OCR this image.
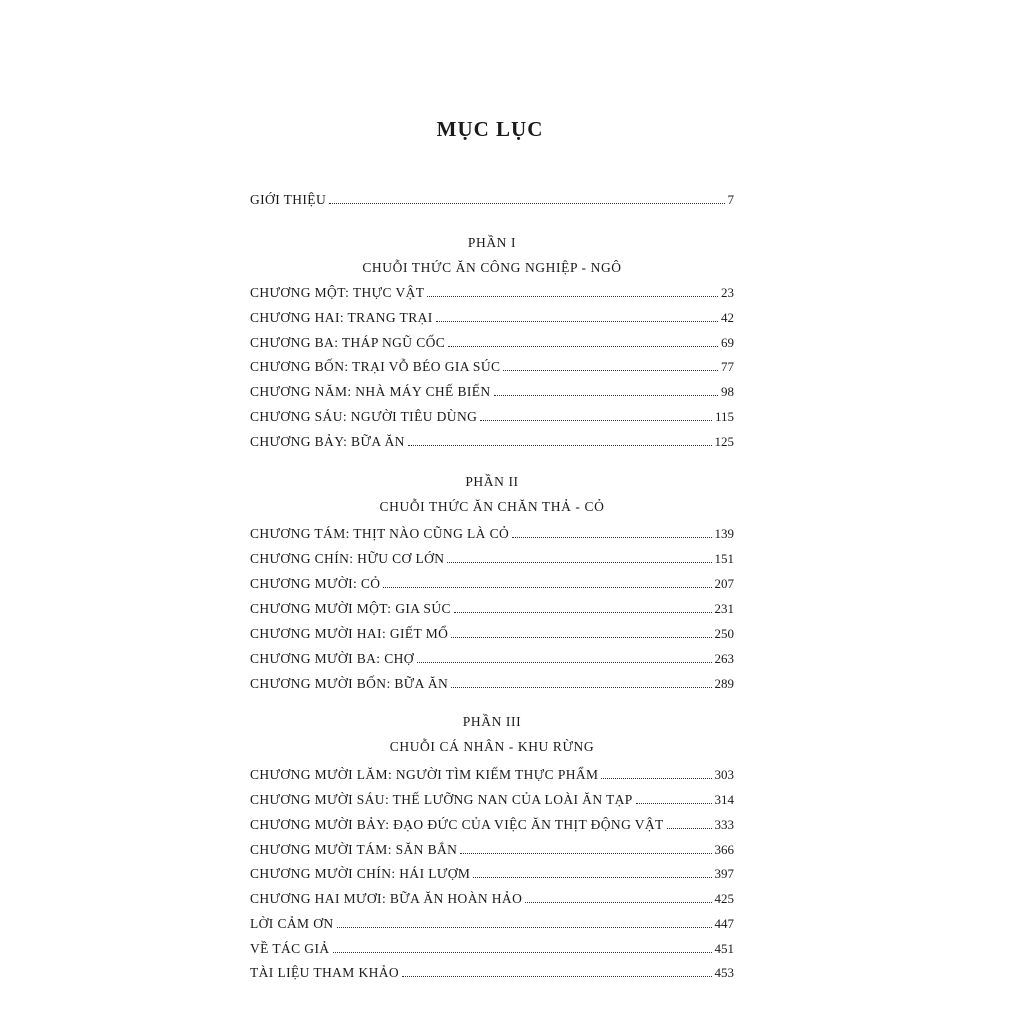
MỤC LỤC
GIỚI THIỆU	7
PHẦN I
CHUỖI THỨC ĂN CÔNG NGHIỆP - NGÔ
CHƯƠNG MỘT: THỰC VẬT	23
CHƯƠNG HAI: TRANG TRẠI	42
CHƯƠNG BA: THÁP NGŨ CỐC	69
CHƯƠNG BỐN: TRẠI VỖ BÉO GIA SÚC	77
CHƯƠNG NĂM: NHÀ MÁY CHẾ BIẾN	98
CHƯƠNG SÁU: NGƯỜI TIÊU DÙNG	115
CHƯƠNG BẢY: BỮA ĂN	125
PHẦN II
CHUỖI THỨC ĂN CHĂN THẢ - CỎ
CHƯƠNG TÁM: THỊT NÀO CŨNG LÀ CỎ	139
CHƯƠNG CHÍN: HỮU CƠ LỚN	151
CHƯƠNG MƯỜI: CỎ	207
CHƯƠNG MƯỜI MỘT: GIA SÚC	231
CHƯƠNG MƯỜI HAI: GIẾT MỔ	250
CHƯƠNG MƯỜI BA: CHỢ	263
CHƯƠNG MƯỜI BỐN: BỮA ĂN	289
PHẦN III
CHUỖI CÁ NHÂN - KHU RỪNG
CHƯƠNG MƯỜI LĂM: NGƯỜI TÌM KIẾM THỰC PHẨM	303
CHƯƠNG MƯỜI SÁU: THẾ LƯỠNG NAN CỦA LOÀI ĂN TẠP	314
CHƯƠNG MƯỜI BẢY: ĐẠO ĐỨC CỦA VIỆC ĂN THỊT ĐỘNG VẬT	333
CHƯƠNG MƯỜI TÁM: SĂN BẮN	366
CHƯƠNG MƯỜI CHÍN: HÁI LƯỢM	397
CHƯƠNG HAI MƯƠI: BỮA ĂN HOÀN HẢO	425
LỜI CẢM ƠN	447
VỀ TÁC GIẢ	451
TÀI LIỆU THAM KHẢO	453
